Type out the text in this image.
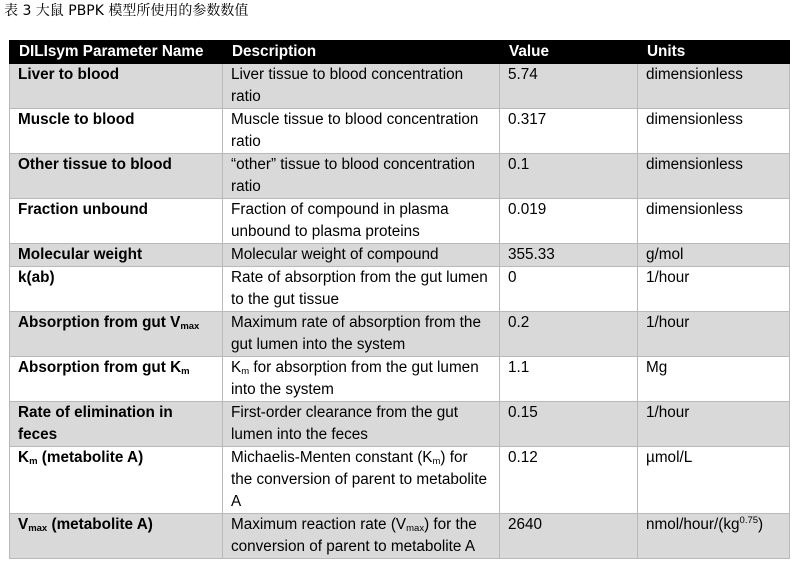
表 3 大鼠 PBPK 模型所使用的参数数值
DILIsym Parameter Name	Description	Value	Units
Liver to blood	Liver tissue to blood concentration ratio	5.74	dimensionless
Muscle to blood	Muscle tissue to blood concentration ratio	0.317	dimensionless
Other tissue to blood	“other” tissue to blood concentration ratio	0.1	dimensionless
Fraction unbound	Fraction of compound in plasma unbound to plasma proteins	0.019	dimensionless
Molecular weight	Molecular weight of compound	355.33	g/mol
k(ab)	Rate of absorption from the gut lumen to the gut tissue	0	1/hour
Absorption from gut $V_{max}$	Maximum rate of absorption from the gut lumen into the system	0.2	1/hour
Absorption from gut $K_m$	$K_m$ for absorption from the gut lumen into the system	1.1	Mg
Rate of elimination in feces	First-order clearance from the gut lumen into the feces	0.15	1/hour
$K_m$ (metabolite A)	Michaelis-Menten constant $(K_m)$ for the conversion of parent to metabolite A	0.12	µmol/L
$V_{max}$ (metabolite A)	Maximum reaction rate $(V_{max})$ for the conversion of parent to metabolite A	2640	nmol/$hour/(kg^{0.75})$
